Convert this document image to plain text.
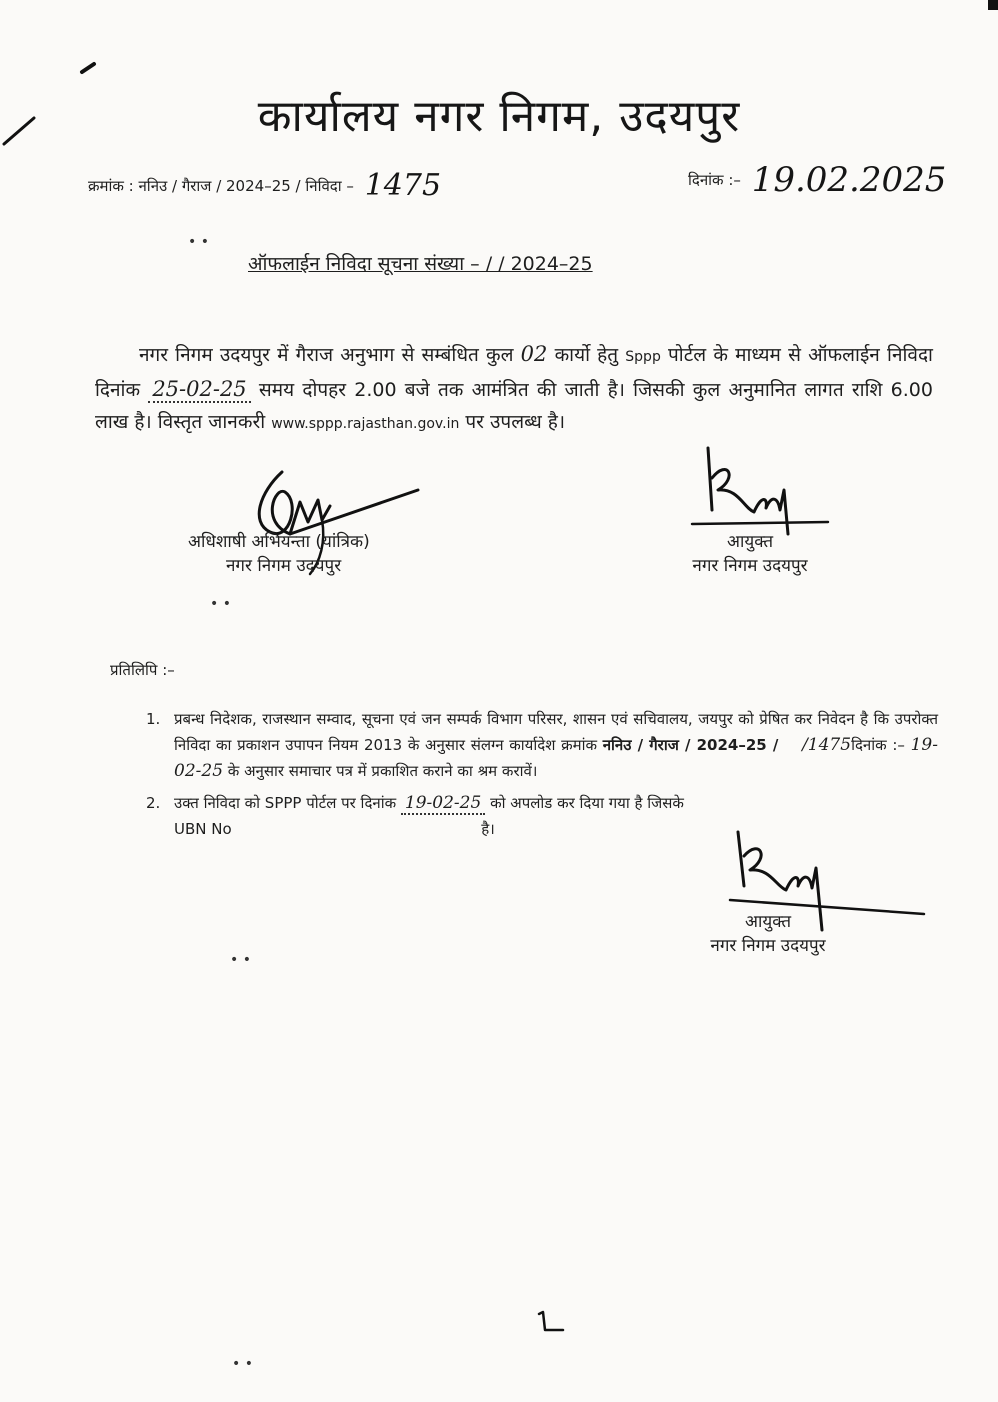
कार्यालय नगर निगम, उदयपुर
क्रमांक : ननिउ / गैराज / 2024–25 / निविदा – 1475	दिनांक :– 19.02.2025
• •
ऑफलाईन निविदा सूचना संख्या – / / 2024–25
नगर निगम उदयपुर में गैराज अनुभाग से सम्बंधित कुल 02 कार्यो हेतु Sppp पोर्टल के माध्यम से ऑफलाईन निविदा दिनांक 25-02-25 समय दोपहर 2.00 बजे तक आमंत्रित की जाती है। जिसकी कुल अनुमानित लागत राशि 6.00 लाख है। विस्तृत जानकरी www.sppp.rajasthan.gov.in पर उपलब्ध है।
अधिशाषी अभियन्ता (यांत्रिक)
नगर निगम उदयपुर
आयुक्त
नगर निगम उदयपुर
• •
प्रतिलिपि :–
1. प्रबन्ध निदेशक, राजस्थान सम्वाद, सूचना एवं जन सम्पर्क विभाग परिसर, शासन एवं सचिवालय, जयपुर को प्रेषित कर निवेदन है कि उपरोक्त निविदा का प्रकाशन उपापन नियम 2013 के अनुसार संलग्न कार्यादेश क्रमांक ननिउ / गैराज / 2024–25 / /1475दिनांक :– 19-02-25 के अनुसार समाचार पत्र में प्रकाशित कराने का श्रम करावें।
2. उक्त निविदा को SPPP पोर्टल पर दिनांक 19-02-25 को अपलोड कर दिया गया है जिसके
UBN No	है।
आयुक्त
नगर निगम उदयपुर
• •
1
• •
